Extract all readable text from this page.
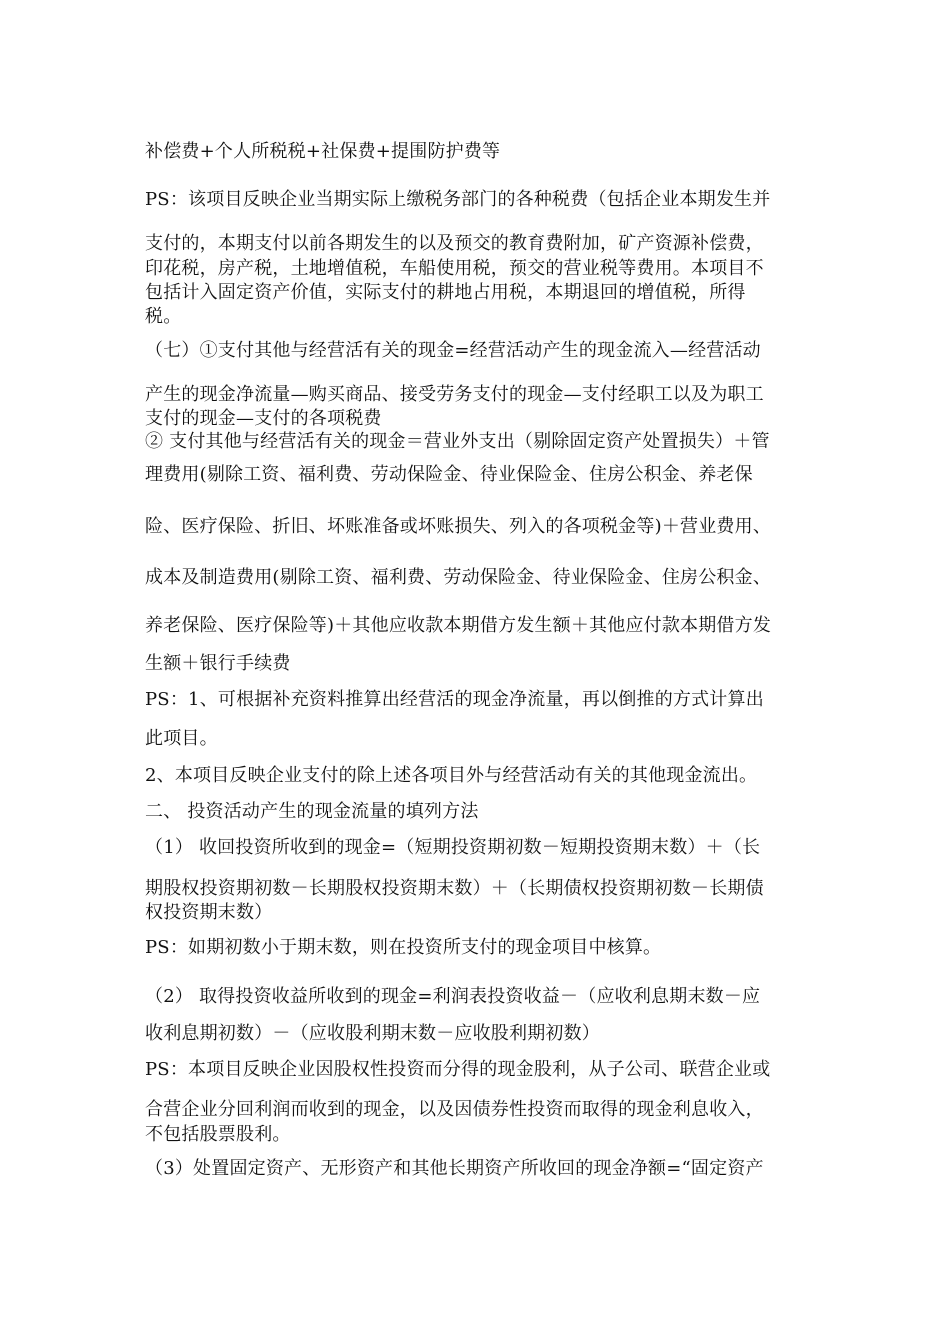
补偿费+个人所税税+社保费+提围防护费等
PS：该项目反映企业当期实际上缴税务部门的各种税费（包括企业本期发生并
支付的，本期支付以前各期发生的以及预交的教育费附加，矿产资源补偿费，
印花税，房产税，土地增值税，车船使用税，预交的营业税等费用。本项目不
包括计入固定资产价值，实际支付的耕地占用税，本期退回的增值税，所得
税。
（七）①支付其他与经营活有关的现金=经营活动产生的现金流入—经营活动
产生的现金净流量—购买商品、接受劳务支付的现金—支付经职工以及为职工
支付的现金—支付的各项税费
② 支付其他与经营活有关的现金＝营业外支出（剔除固定资产处置损失）＋管
理费用(剔除工资、福利费、劳动保险金、待业保险金、住房公积金、养老保
险、医疗保险、折旧、坏账准备或坏账损失、列入的各项税金等)＋营业费用、
成本及制造费用(剔除工资、福利费、劳动保险金、待业保险金、住房公积金、
养老保险、医疗保险等)＋其他应收款本期借方发生额＋其他应付款本期借方发
生额＋银行手续费
PS：1、可根据补充资料推算出经营活的现金净流量，再以倒推的方式计算出
此项目。
2、本项目反映企业支付的除上述各项目外与经营活动有关的其他现金流出。
二、 投资活动产生的现金流量的填列方法
（1） 收回投资所收到的现金=（短期投资期初数－短期投资期末数）＋（长
期股权投资期初数－长期股权投资期末数）＋（长期债权投资期初数－长期债
权投资期末数）
PS：如期初数小于期末数，则在投资所支付的现金项目中核算。
（2） 取得投资收益所收到的现金=利润表投资收益－（应收利息期末数－应
收利息期初数）－（应收股利期末数－应收股利期初数）
PS：本项目反映企业因股权性投资而分得的现金股利，从子公司、联营企业或
合营企业分回利润而收到的现金，以及因债券性投资而取得的现金利息收入，
不包括股票股利。
（3）处置固定资产、无形资产和其他长期资产所收回的现金净额=“固定资产
